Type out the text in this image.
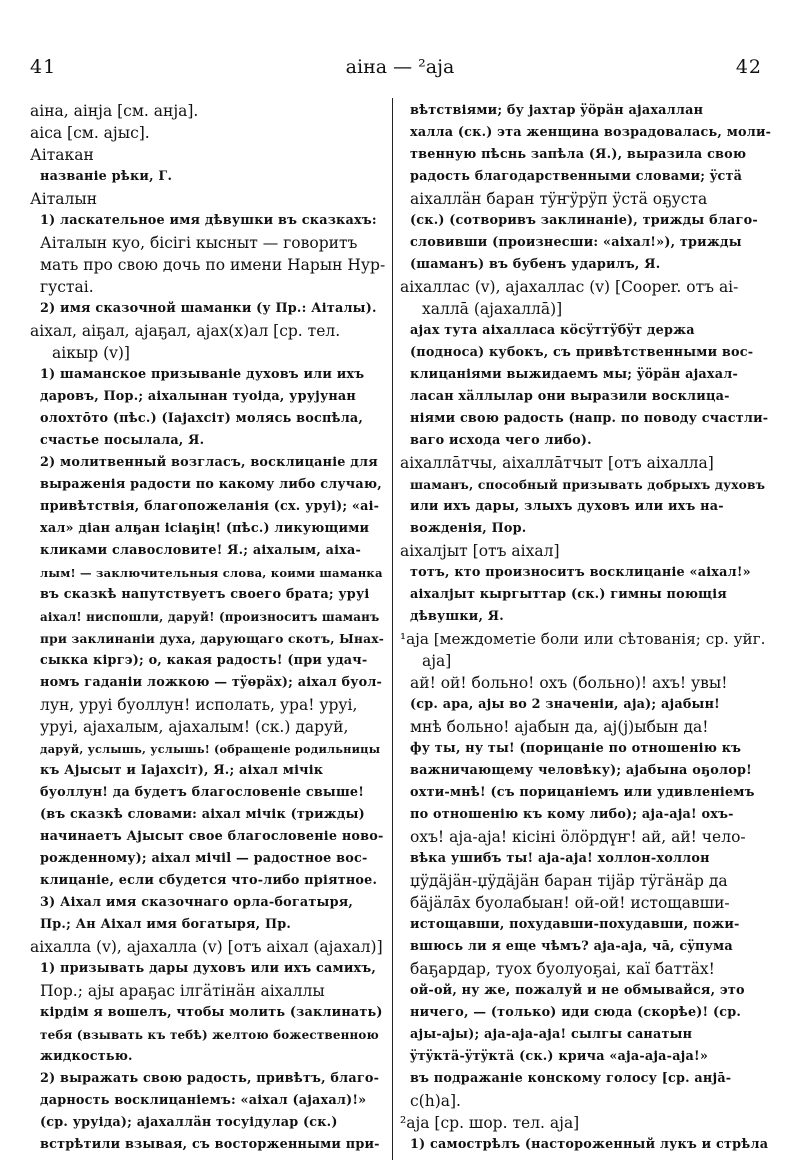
41	аіна — ²аја	42
аіна, аінја [см. анја].
аіса [см. ајыс].
Аітакан
названіе рѣки, Г.
Аіталын
1) ласкательное имя дѣвушки въ сказкахъ:
Аіталын куо, бісігі кысныт — говоритъ
мать про свою дочь по имени Нарын Нур-
густаі.
2) имя сказочной шаманки (у Пр.: Аіталы).
аіхал, аіҕал, ајаҕал, ајах(х)ал [ср. тел.
аікыр (v)]
1) шаманское призываніе духовъ или ихъ
даровъ, Пор.; аіхалынан туоіда, урујунан
олохтōто (пѣс.) (Іајахсіт) молясь воспѣла,
счастье посылала, Я.
2) молитвенный возгласъ, восклицаніе для
выраженія радости по какому либо случаю,
привѣтствія, благопожеланія (сх. уруі); «аі-
хал» діан алҕан ісіаҕің! (пѣс.) ликующими
кликами славословите! Я.; аіхалым, аіха-
лым! — заключительныя слова, коими шаманка
въ сказкѣ напутствуетъ своего брата; уруі
аіхал! ниспошли, даруй! (произноситъ шаманъ
при заклинаніи духа, дарующаго скотъ, Ынах-
сыкка кіргэ); о, какая радость! (при удач-
номъ гаданіи ложкою — тÿөрäх); аіхал буол-
лун, уруі буоллун! исполать, ура! уруі,
уруі, ајахалым, ајахалым! (ск.) даруй,
даруй, услышь, услышь! (обращеніе родильницы
къ Ајысыт и Іајахсіт), Я.; аіхал мічік
буоллун! да будетъ благословеніе свыше!
(въ сказкѣ словами: аіхал мічік (трижды)
начинаетъ Ајысыт свое благословеніе ново-
рожденному); аіхал мічіl — радостное вос-
клицаніе, если сбудется что-либо пріятное.
3) Аіхал имя сказочнаго орла-богатыря,
Пр.; Ан Аіхал имя богатыря, Пр.
аіхалла (v), ајахалла (v) [отъ аіхал (ајахал)]
1) призывать дары духовъ или ихъ самихъ,
Пор.; ајы араҕас ілгäтінäн аіхаллы
кірдім я вошелъ, чтобы молить (заклинать)
тебя (взывать къ тебѣ) желтою божественною
жидкостью.
2) выражать свою радость, привѣтъ, благо-
дарность восклицаніемъ: «аіхал (ајахал)!»
(ср. уруіда); ајахаллäн тосуідулар (ск.)
встрѣтили взывая, съ восторженными при-
вѣтствіями; бу јахтар ÿöрäн ајахаллан
халла (ск.) эта женщина возрадовалась, моли-
твенную пѣснь запѣла (Я.), выразила свою
радость благодарственными словами; ÿстä
аіхаллäн баран тÿҥÿрÿп ÿстä оҕуста
(ск.) (сотворивъ заклинаніе), трижды благо-
словивши (произнесши: «аіхал!»), трижды
(шаманъ) въ бубенъ ударилъ, Я.
аіхаллас (v), ајахаллас (v) [Cooper. отъ аі-
халлā (ајахаллā)]
ајах тута аіхалласа кöсÿттÿбÿт держа
(подноса) кубокъ, съ привѣтственными вос-
клицаніями выжидаемъ мы; ÿöрäн ајахал-
ласан хäллылар они выразили восклица-
ніями свою радость (напр. по поводу счастли-
ваго исхода чего либо).
аіхаллāтчы, аіхаллāтчыт [отъ аіхалла]
шаманъ, способный призывать добрыхъ духовъ
или ихъ дары, злыхъ духовъ или ихъ на-
вожденія, Пор.
аіхалјыт [отъ аіхал]
тотъ, кто произноситъ восклицаніе «аіхал!»
аіхалјыт кыргыттар (ск.) гимны поющія
дѣвушки, Я.
¹аја [междометіе боли или сѣтованія; ср. уйг.
аја]
ай! ой! больно! охъ (больно)! ахъ! увы!
(ср. ара, ајы во 2 значеніи, аја); ајабын!
мнѣ больно! ајабын да, ај(ј)ыбын да!
фу ты, ну ты! (порицаніе по отношенію къ
важничающему человѣку); ајабына оҕолор!
охти-мнѣ! (съ порицаніемъ или удивленіемъ
по отношенію къ кому либо); аја-аја! охъ-
охъ! аја-аја! кісіні öлöрдүҥ! ай, ай! чело-
вѣка ушибъ ты! аја-аја! холлон-холлон
џÿдäјäн-џÿдäјäн баран тіjäр тÿгäнäр да
бäјäлāх буолабыан! ой-ой! истощавши-
истощавши, похудавши-похудавши, пожи-
вшюсь ли я еще чѣмъ? аја-аја, чā, сÿпума
баҕардар, туох буолуоҕаі, кaї баттäх!
ой-ой, ну же, пожалуй и не обмывайся, это
ничего, — (только) иди сюда (скорѣе)! (ср.
ајы-ајы); аја-аја-аја! сылгы санатын
ÿтÿктä-ÿтÿктä (ск.) крича «аја-аја-аја!»
въ подражаніе конскому голосу [ср. анјā-
с(h)а].
²аја [ср. шор. тел. аја]
1) самострѣлъ (настороженный лукъ и стрѣла
